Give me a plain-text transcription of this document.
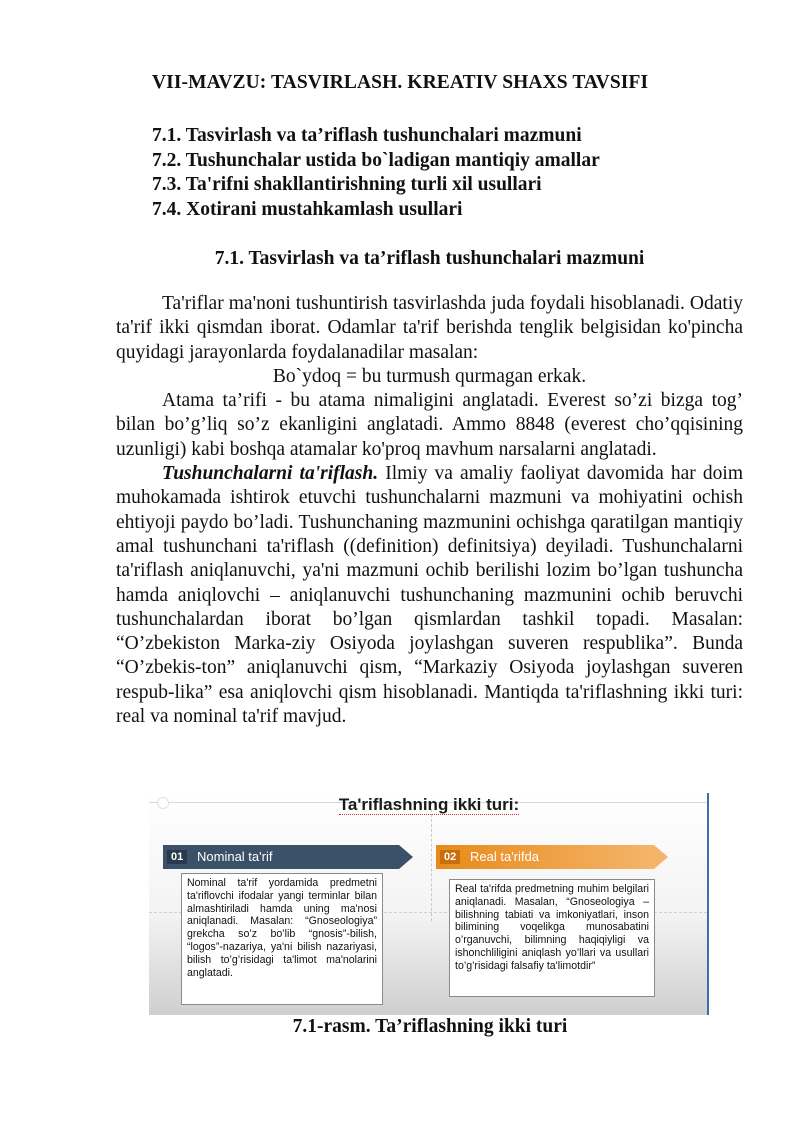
VII-MAVZU: TASVIRLASH. KREATIV SHAXS TAVSIFI
7.1. Tasvirlash va ta’riflash tushunchalari mazmuni
7.2. Tushunchalar ustida bo`ladigan mantiqiy amallar
7.3. Ta'rifni shakllantirishning turli xil usullari
7.4. Xotirani mustahkamlash usullari
7.1. Tasvirlash va ta’riflash tushunchalari mazmuni

Ta'riflar ma'noni tushuntirish tasvirlashda juda foydali hisoblanadi. Odatiy ta'rif ikki qismdan iborat. Odamlar ta'rif berishda tenglik belgisidan ko'pincha quyidagi jarayonlarda foydalanadilar masalan:

Bo`ydoq = bu turmush qurmagan erkak.

Atama ta’rifi - bu atama nimaligini anglatadi. Everest so’zi bizga tog’ bilan bo’g’liq so’z ekanligini anglatadi. Ammo 8848 (everest cho’qqisining uzunligi) kabi boshqa atamalar ko'proq mavhum narsalarni anglatadi.

Tushunchalarni ta'riflash. Ilmiy va amaliy faoliyat davomida har doim muhokamada ishtirok etuvchi tushunchalarni mazmuni va mohiyatini ochish ehtiyoji paydo bo’ladi. Tushunchaning mazmunini ochishga qaratilgan mantiqiy amal tushunchani ta'riflash ((definition) definitsiya) deyiladi. Tushunchalarni ta'riflash aniqlanuvchi, ya'ni mazmuni ochib berilishi lozim bo’lgan tushuncha hamda aniqlovchi – aniqlanuvchi tushunchaning mazmunini ochib beruvchi tushunchalardan iborat bo’lgan qismlardan tashkil topadi. Masalan: “O’zbekiston Marka-ziy Osiyoda joylashgan suveren respublika”. Bunda “O’zbekis-ton” aniqlanuvchi qism, “Markaziy Osiyoda joylashgan suveren respub-lika” esa aniqlovchi qism hisoblanadi. Mantiqda ta'riflashning ikki turi: real va nominal ta'rif mavjud.

Ta'riflashning ikki turi:
01	Nominal ta'rif
Nominal ta'rif yordamida predmetni ta'riflovchi ifodalar yangi terminlar bilan almashtiriladi hamda uning ma'nosi aniqlanadi. Masalan: “Gnoseologiya” grekcha so’z bo’lib “gnosis”-bilish, “logos”-nazariya, ya'ni bilish nazariyasi, bilish to’g’risidagi ta'limot ma'nolarini anglatadi.
02	Real ta'rifda
Real ta'rifda predmetning muhim belgilari aniqlanadi. Masalan, “Gnoseologiya – bilishning tabiati va imkoniyatlari, inson bilimining voqelikga munosabatini o’rganuvchi, bilimning haqiqiyligi va ishonchliligini aniqlash yo’llari va usullari to’g’risidagi falsafiy ta'limotdir”
7.1-rasm. Ta’riflashning ikki turi
